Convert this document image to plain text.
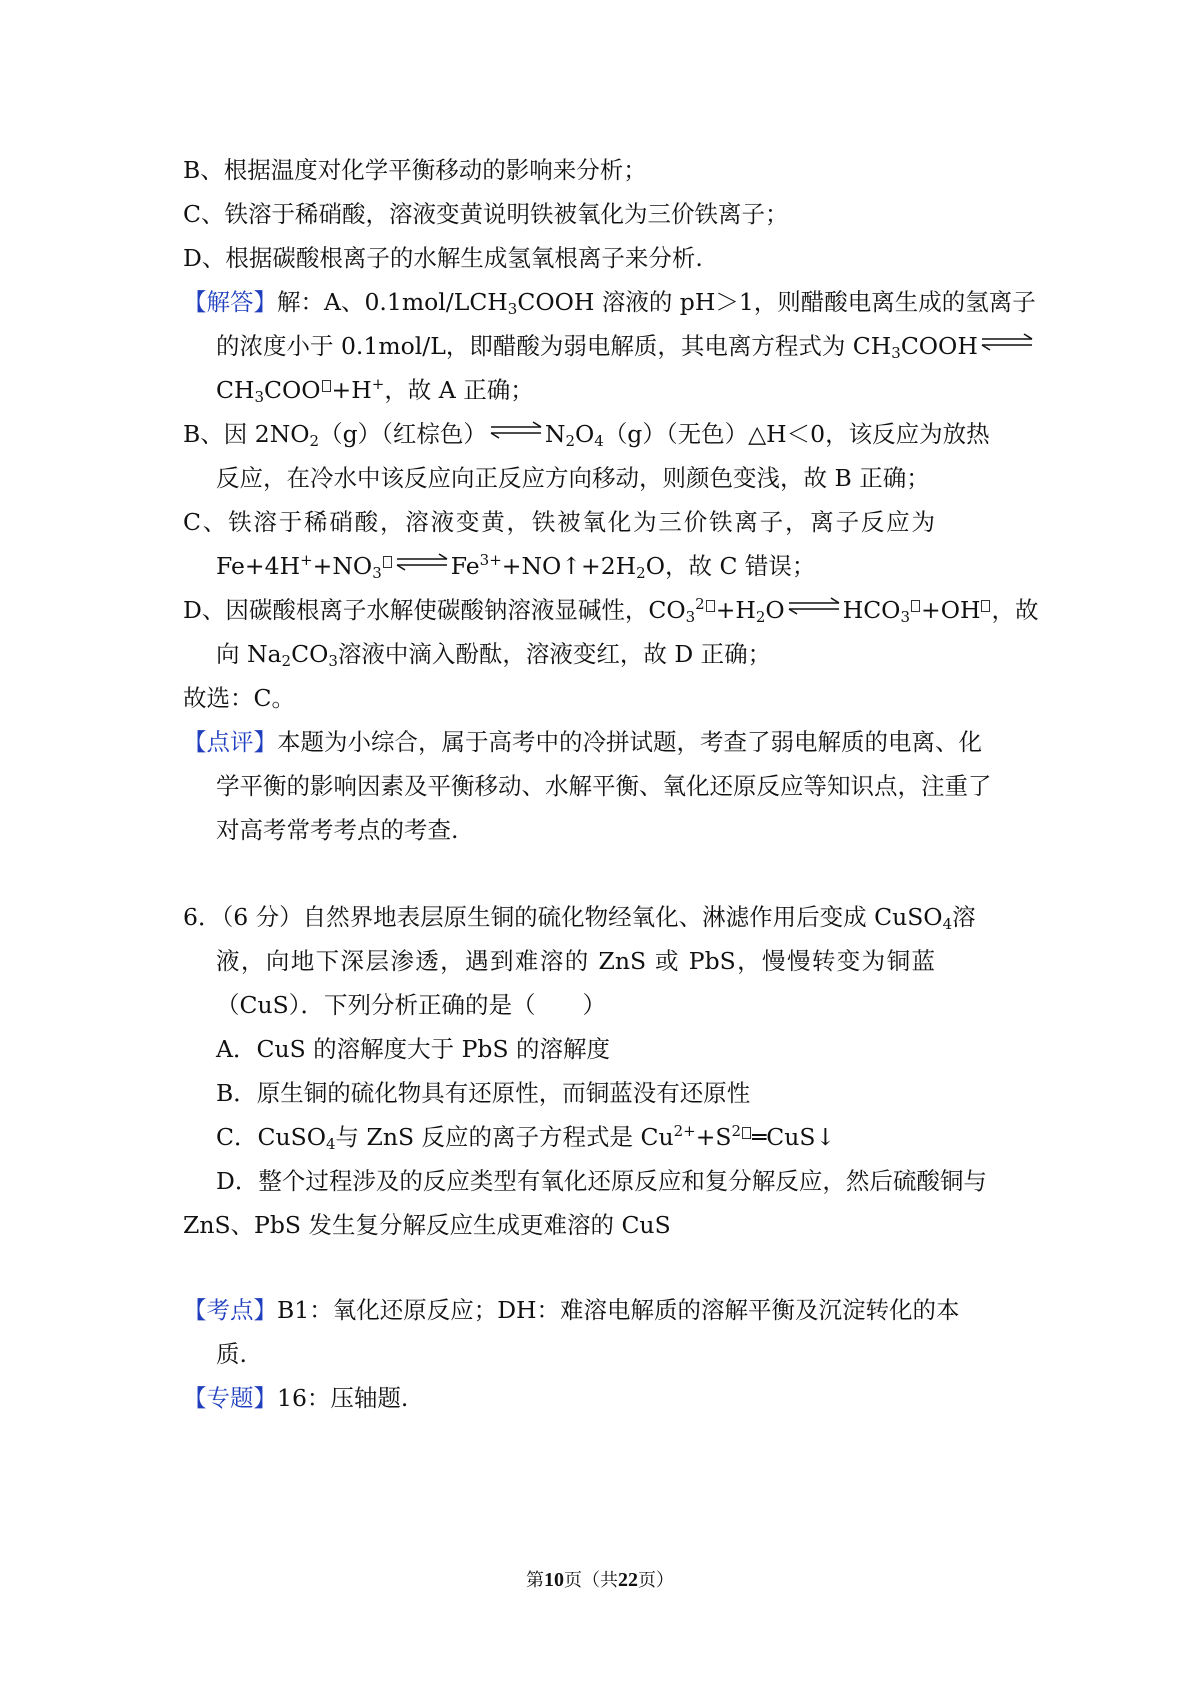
B、根据温度对化学平衡移动的影响来分析；
C、铁溶于稀硝酸，溶液变黄说明铁被氧化为三价铁离子；
D、根据碳酸根离子的水解生成氢氧根离子来分析.
【解答】解：A、$0.1mol/LCH_3COOH$ 溶液的 pH＞1，则醋酸电离生成的氢离子
的浓度小于 0.1mol/L，即醋酸为弱电解质，其电离方程式为 $CH_3COOH$ ⇌
$CH_3COO +H^+$，故 A 正确；
B、因 $2NO_2(g)$（红棕色） ⇌ $N_2O_4(g)$（无色）△H＜0，该反应为放热
反应，在冷水中该反应向正反应方向移动，则颜色变浅，故 B 正确；
C、铁溶于稀硝酸，溶液变黄，铁被氧化为三价铁离子，离子反应为
$Fe+4H^++NO_3$ ⇌ $Fe^{3+}+NO↑+2H_2O$，故 C 错误；
D、因碳酸根离子水解使碳酸钠溶液显碱性，$CO_3^2 +H_2O$ ⇌ $HCO_3 +OH$ ，故
向 $Na_2CO_3$溶液中滴入酚酞，溶液变红，故 D 正确；
故选：C。
【点评】本题为小综合，属于高考中的冷拼试题，考查了弱电解质的电离、化
学平衡的影响因素及平衡移动、水解平衡、氧化还原反应等知识点，注重了
对高考常考考点的考查.
6．（6 分）自然界地表层原生铜的硫化物经氧化、淋滤作用后变成 CuSO$_4$溶
液，向地下深层渗透，遇到难溶的 ZnS 或 PbS，慢慢转变为铜蓝
（CuS）．下列分析正确的是（　　）
A．CuS 的溶解度大于 PbS 的溶解度
B．原生铜的硫化物具有还原性，而铜蓝没有还原性
C．CuSO$_4$与 ZnS 反应的离子方程式是 $Cu^{2+}+S^2$ ═CuS↓
D．整个过程涉及的反应类型有氧化还原反应和复分解反应，然后硫酸铜与
ZnS、PbS 发生复分解反应生成更难溶的 CuS
【考点】B1：氧化还原反应；DH：难溶电解质的溶解平衡及沉淀转化的本
质.
【专题】16：压轴题.
第10页（共22页）
